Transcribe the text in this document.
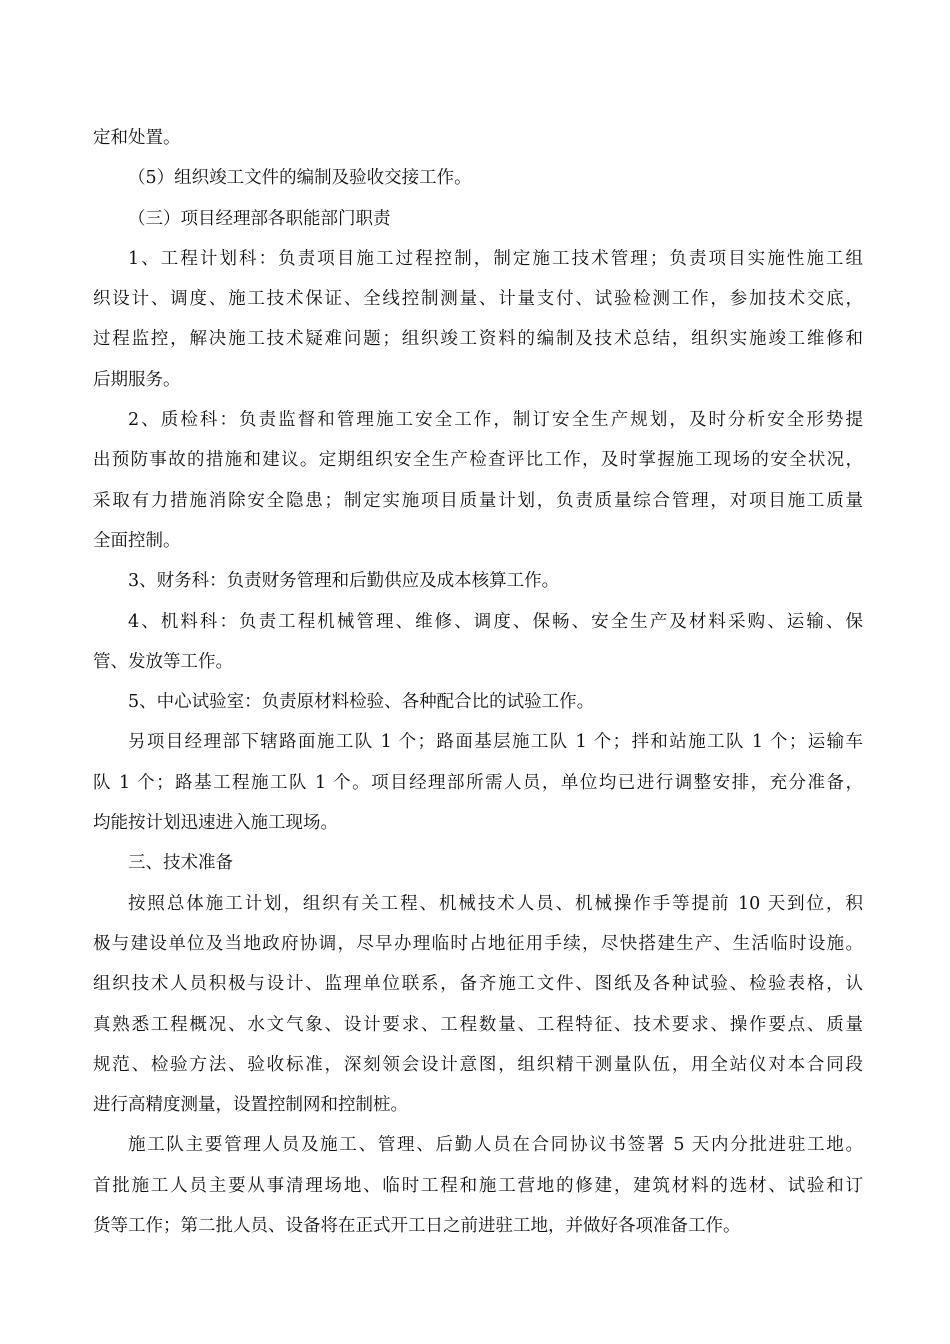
定和处置。
（5）组织竣工文件的编制及验收交接工作。
（三）项目经理部各职能部门职责
1、工程计划科：负责项目施工过程控制，制定施工技术管理；负责项目实施性施工组
织设计、调度、施工技术保证、全线控制测量、计量支付、试验检测工作，参加技术交底，
过程监控，解决施工技术疑难问题；组织竣工资料的编制及技术总结，组织实施竣工维修和
后期服务。
2、质检科：负责监督和管理施工安全工作，制订安全生产规划，及时分析安全形势提
出预防事故的措施和建议。定期组织安全生产检查评比工作，及时掌握施工现场的安全状况，
采取有力措施消除安全隐患；制定实施项目质量计划，负责质量综合管理，对项目施工质量
全面控制。
3、财务科：负责财务管理和后勤供应及成本核算工作。
4、机料科：负责工程机械管理、维修、调度、保畅、安全生产及材料采购、运输、保
管、发放等工作。
5、中心试验室：负责原材料检验、各种配合比的试验工作。
另项目经理部下辖路面施工队 1 个；路面基层施工队 1 个；拌和站施工队 1 个；运输车
队 1 个；路基工程施工队 1 个。项目经理部所需人员，单位均已进行调整安排，充分准备，
均能按计划迅速进入施工现场。
三、技术准备
按照总体施工计划，组织有关工程、机械技术人员、机械操作手等提前 10 天到位，积
极与建设单位及当地政府协调，尽早办理临时占地征用手续，尽快搭建生产、生活临时设施。
组织技术人员积极与设计、监理单位联系，备齐施工文件、图纸及各种试验、检验表格，认
真熟悉工程概况、水文气象、设计要求、工程数量、工程特征、技术要求、操作要点、质量
规范、检验方法、验收标准，深刻领会设计意图，组织精干测量队伍，用全站仪对本合同段
进行高精度测量，设置控制网和控制桩。
施工队主要管理人员及施工、管理、后勤人员在合同协议书签署 5 天内分批进驻工地。
首批施工人员主要从事清理场地、临时工程和施工营地的修建，建筑材料的选材、试验和订
货等工作；第二批人员、设备将在正式开工日之前进驻工地，并做好各项准备工作。
